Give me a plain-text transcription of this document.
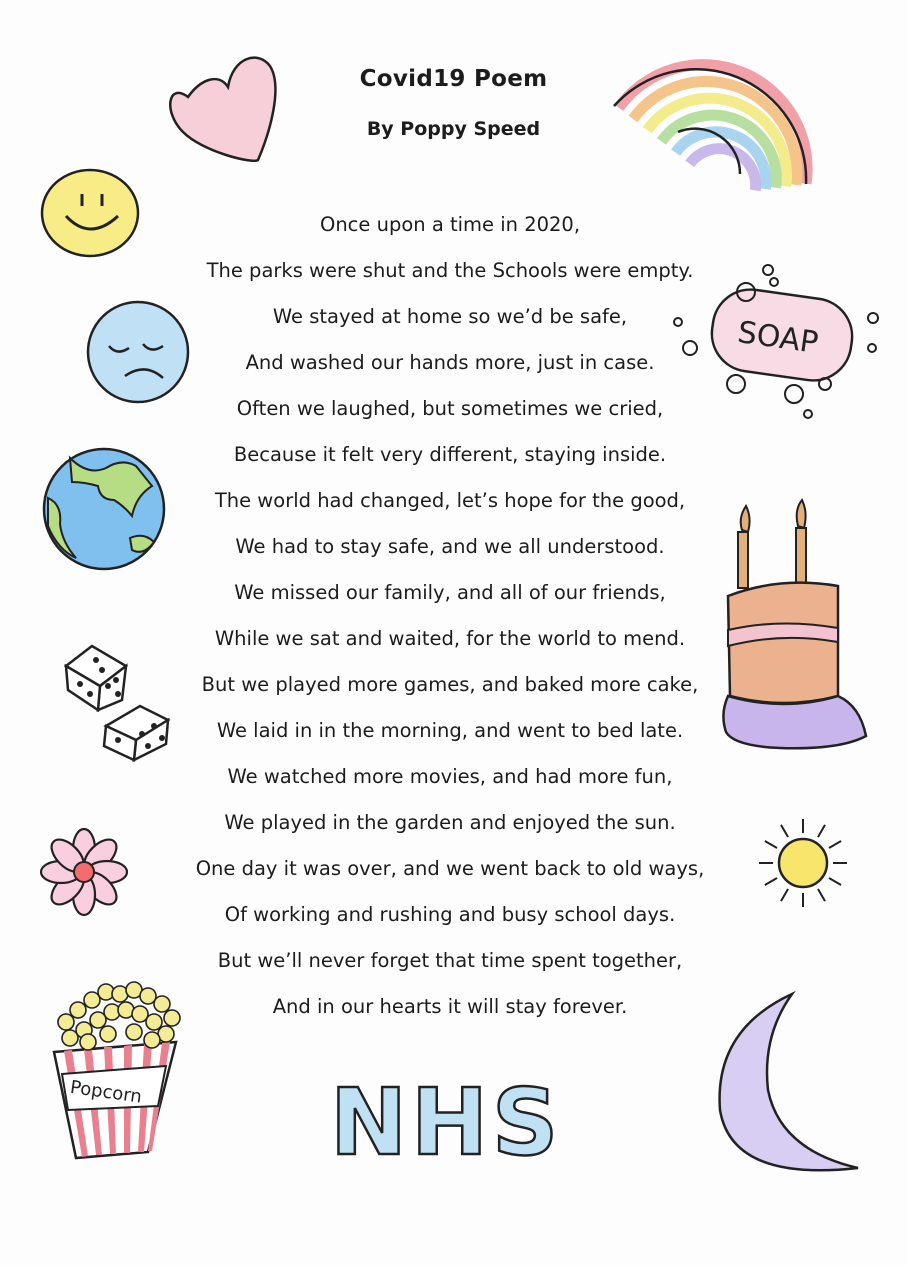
Covid19 Poem
By Poppy Speed
Once upon a time in 2020,
The parks were shut and the Schools were empty.
We stayed at home so we’d be safe,
And washed our hands more, just in case.
Often we laughed, but sometimes we cried,
Because it felt very different, staying inside.
The world had changed, let’s hope for the good,
We had to stay safe, and we all understood.
We missed our family, and all of our friends,
While we sat and waited, for the world to mend.
But we played more games, and baked more cake,
We laid in in the morning, and went to bed late.
We watched more movies, and had more fun,
We played in the garden and enjoyed the sun.
One day it was over, and we went back to old ways,
Of working and rushing and busy school days.
But we’ll never forget that time spent together,
And in our hearts it will stay forever.
SOAP
Popcorn NHS
